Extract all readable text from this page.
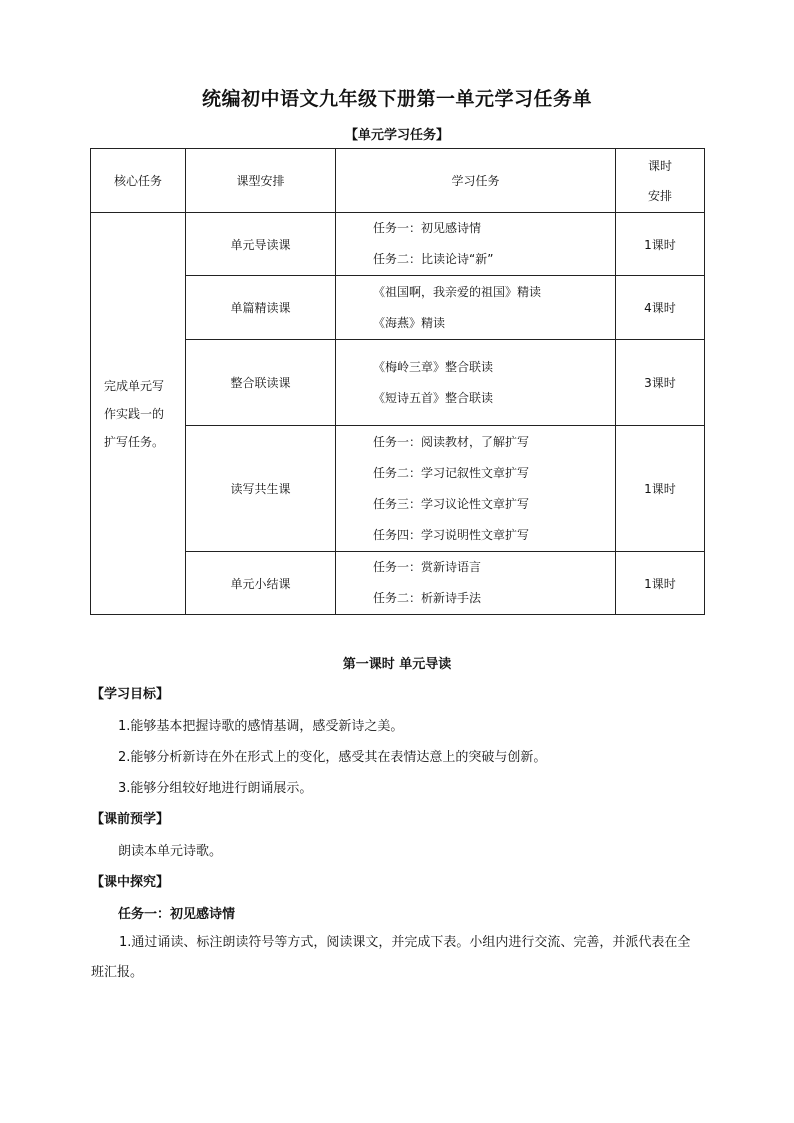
统编初中语文九年级下册第一单元学习任务单
【单元学习任务】
核心任务	课型安排	学习任务	课时
安排

完成单元写作实践一的扩写任务。	单元导读课	任务一：初见感诗情
任务二：比读论诗“新”	1课时
	单篇精读课	《祖国啊，我亲爱的祖国》精读
《海燕》精读	4课时
	整合联读课	《梅岭三章》整合联读
《短诗五首》整合联读	3课时
	读写共生课	任务一：阅读教材，了解扩写
任务二：学习记叙性文章扩写
任务三：学习议论性文章扩写
任务四：学习说明性文章扩写	1课时
	单元小结课	任务一：赏新诗语言
任务二：析新诗手法	1课时
第一课时 单元导读
【学习目标】
1.能够基本把握诗歌的感情基调，感受新诗之美。
2.能够分析新诗在外在形式上的变化，感受其在表情达意上的突破与创新。
3.能够分组较好地进行朗诵展示。
【课前预学】
朗读本单元诗歌。
【课中探究】
任务一：初见感诗情
1.通过诵读、标注朗读符号等方式，阅读课文，并完成下表。小组内进行交流、完善，并派代表在全班汇报。
